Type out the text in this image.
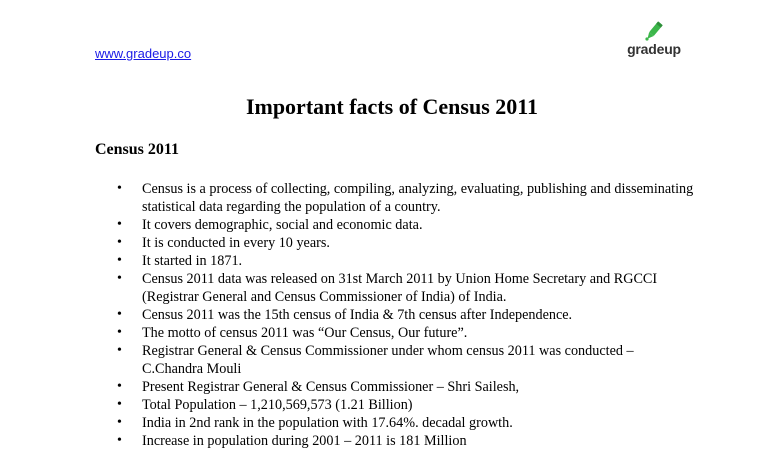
www.gradeup.co	gradeup
Important facts of Census 2011
Census 2011
• Census is a process of collecting, compiling, analyzing, evaluating, publishing and disseminating statistical data regarding the population of a country.
• It covers demographic, social and economic data.
• It is conducted in every 10 years.
• It started in 1871.
• Census 2011 data was released on 31st March 2011 by Union Home Secretary and RGCCI (Registrar General and Census Commissioner of India) of India.
• Census 2011 was the 15th census of India & 7th census after Independence.
• The motto of census 2011 was “Our Census, Our future”.
• Registrar General & Census Commissioner under whom census 2011 was conducted – C.Chandra Mouli
• Present Registrar General & Census Commissioner – Shri Sailesh,
• Total Population – 1,210,569,573 (1.21 Billion)
• India in 2nd rank in the population with 17.64%. decadal growth.
• Increase in population during 2001 – 2011 is 181 Million
